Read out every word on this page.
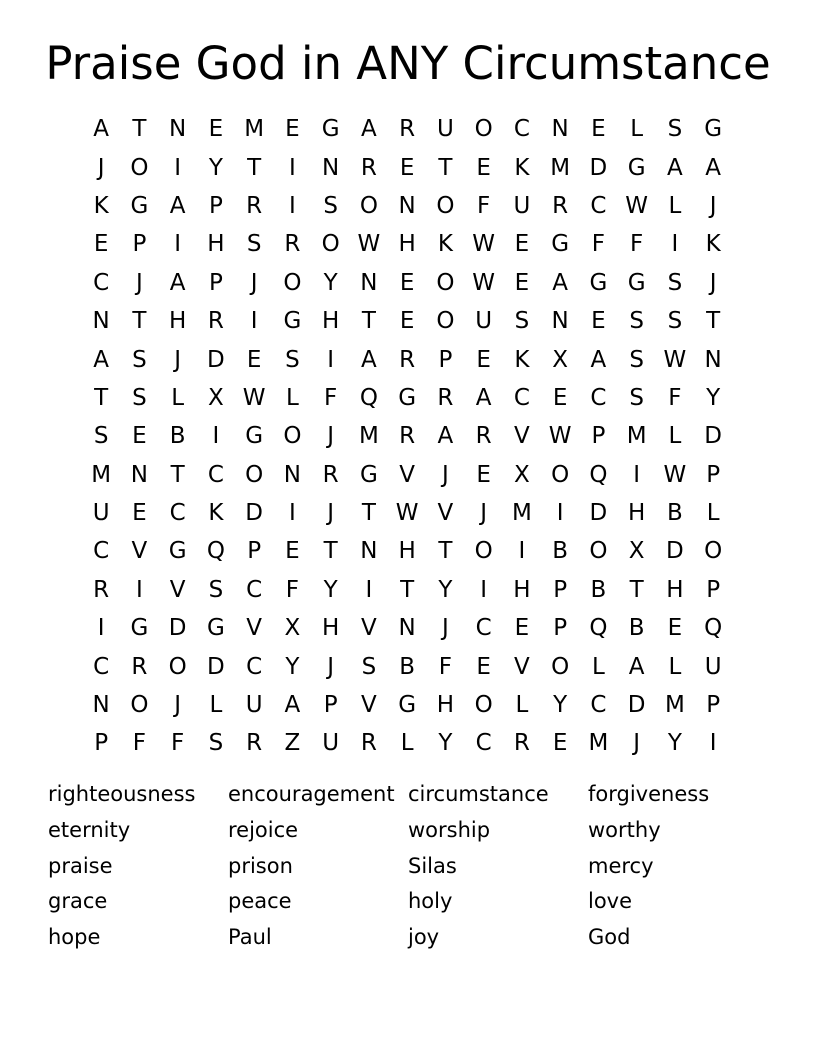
Praise God in ANY Circumstance
A	T N E M E G A R U O C N E	L	S G
J	O	I	Y	T	I	N R E	T	E	K M D G A A
K G A	P	R	I	S O N O F	U R C W L	J
E	P	I	H S R O W H K W E G F	F	I	K
C	J	A	P	J	O Y N E O W E	A G G S	J
N T H R	I	G H T	E O U S N E	S	S	T
A	S	J	D E	S	I	A R	P	E	K X A	S W N
T	S	L	X W L	F Q G R A C E C S	F	Y
S	E	B	I	G O	J	M R A R V W P M L D
M N T	C O N R G V	J	E	X O Q	I	W P
U E C K D	I	J	T W V	J	M	I	D H B	L
C V G Q P	E	T N H T O	I	B O X D O
R	I	V	S C	F	Y	I	T	Y	I	H P	B	T H P
I	G D G V X H V N	J	C E	P Q B	E Q
C R O D C	Y	J	S	B	F	E	V O L	A	L	U
N O	J	L	U A	P	V G H O L	Y	C D M P
P	F	F	S R Z U R	L	Y	C R E M	J	Y	I
righteousness	encouragement circumstance	forgiveness
eternity	rejoice	worship	worthy
praise	prison	Silas	mercy
grace	peace	holy	love
hope	Paul	joy	God
